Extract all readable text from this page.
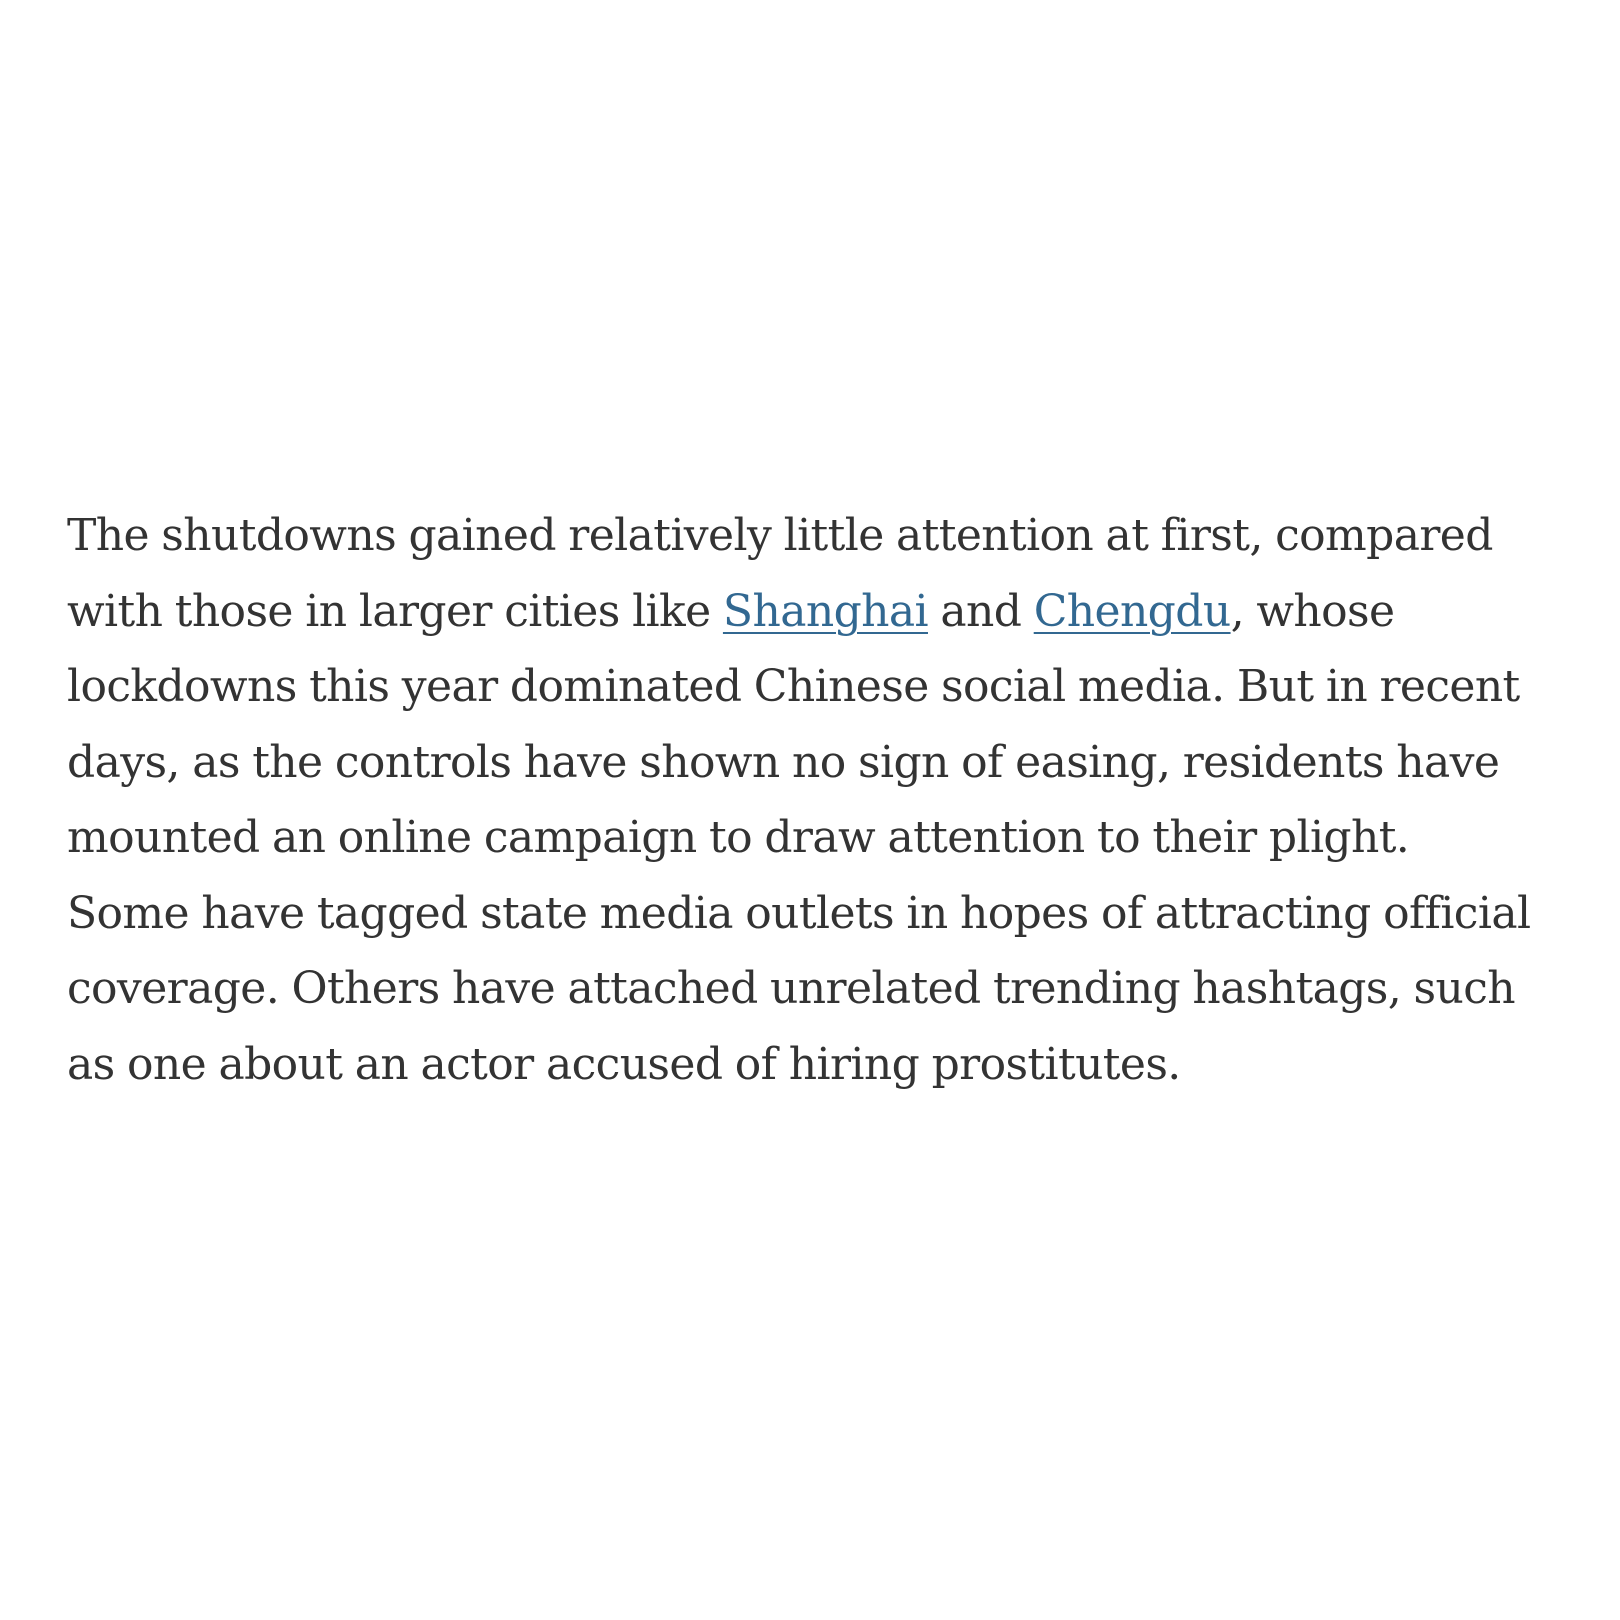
The shutdowns gained relatively little attention at first, compared
with those in larger cities like Shanghai and Chengdu, whose
lockdowns this year dominated Chinese social media. But in recent
days, as the controls have shown no sign of easing, residents have
mounted an online campaign to draw attention to their plight.
Some have tagged state media outlets in hopes of attracting official
coverage. Others have attached unrelated trending hashtags, such
as one about an actor accused of hiring prostitutes.
